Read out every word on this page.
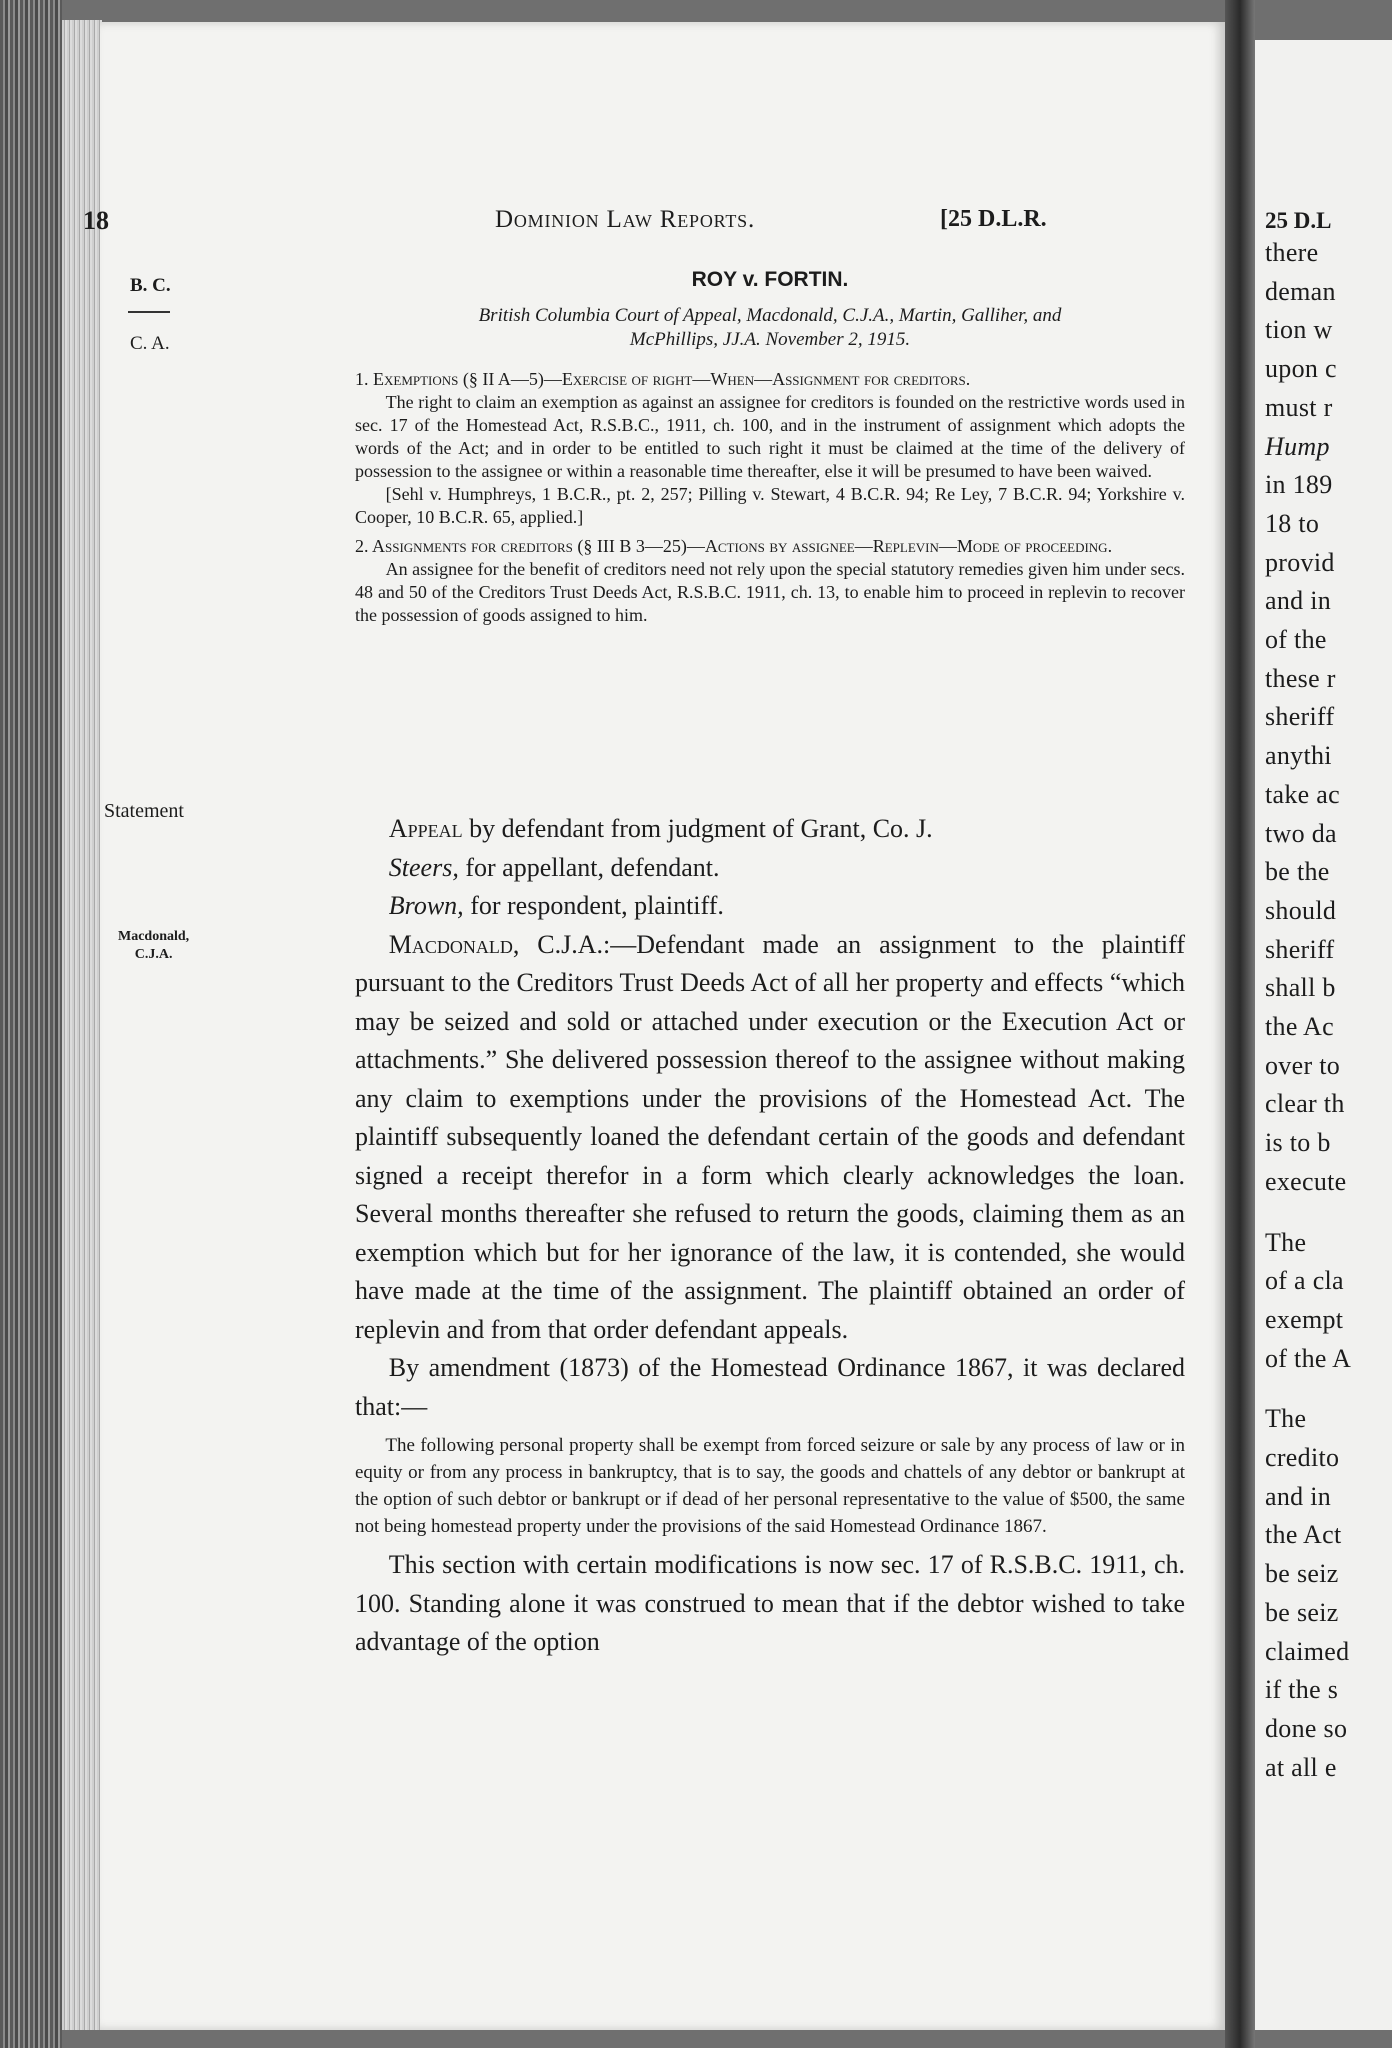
18	Dominion Law Reports.	[25 D.L.R.
B. C.
C. A.
Statement
Macdonald,
C.J.A.
ROY v. FORTIN.
British Columbia Court of Appeal, Macdonald, C.J.A., Martin, Galliher, and
McPhillips, JJ.A. November 2, 1915.

1. Exemptions (§ II A—5)—Exercise of right—When—Assignment for creditors.

The right to claim an exemption as against an assignee for creditors is founded on the restrictive words used in sec. 17 of the Homestead Act, R.S.B.C., 1911, ch. 100, and in the instrument of assignment which adopts the words of the Act; and in order to be entitled to such right it must be claimed at the time of the delivery of possession to the assignee or within a reasonable time thereafter, else it will be presumed to have been waived.

[Sehl v. Humphreys, 1 B.C.R., pt. 2, 257; Pilling v. Stewart, 4 B.C.R. 94; Re Ley, 7 B.C.R. 94; Yorkshire v. Cooper, 10 B.C.R. 65, applied.]

2. Assignments for creditors (§ III B 3—25)—Actions by assignee—Replevin—Mode of proceeding.

An assignee for the benefit of creditors need not rely upon the special statutory remedies given him under secs. 48 and 50 of the Creditors Trust Deeds Act, R.S.B.C. 1911, ch. 13, to enable him to proceed in replevin to recover the possession of goods assigned to him.

Appeal by defendant from judgment of Grant, Co. J.

Steers, for appellant, defendant.

Brown, for respondent, plaintiff.

Macdonald, C.J.A.:—Defendant made an assignment to the plaintiff pursuant to the Creditors Trust Deeds Act of all her property and effects “which may be seized and sold or attached under execution or the Execution Act or attachments.” She delivered possession thereof to the assignee without making any claim to exemptions under the provisions of the Homestead Act. The plaintiff subsequently loaned the defendant certain of the goods and defendant signed a receipt therefor in a form which clearly acknowledges the loan. Several months thereafter she refused to return the goods, claiming them as an exemption which but for her ignorance of the law, it is contended, she would have made at the time of the assignment. The plaintiff obtained an order of replevin and from that order defendant appeals.

By amendment (1873) of the Homestead Ordinance 1867, it was declared that:—

The following personal property shall be exempt from forced seizure or sale by any process of law or in equity or from any process in bankruptcy, that is to say, the goods and chattels of any debtor or bankrupt at the option of such debtor or bankrupt or if dead of her personal representative to the value of $500, the same not being homestead property under the provisions of the said Homestead Ordinance 1867.

This section with certain modifications is now sec. 17 of R.S.B.C. 1911, ch. 100. Standing alone it was construed to mean that if the debtor wished to take advantage of the option

25 D.L
there
deman
tion w
upon c
must r
Hump
in 189
18 to
provid
and in
of the
these r
sheriff
anythi
take ac
two da
be the
should
sheriff
shall b
the Ac
over to
clear th
is to b
execute
The
of a cla
exempt
of the A
The
credito
and in
the Act
be seiz
be seiz
claimed
if the s
done so
at all e
